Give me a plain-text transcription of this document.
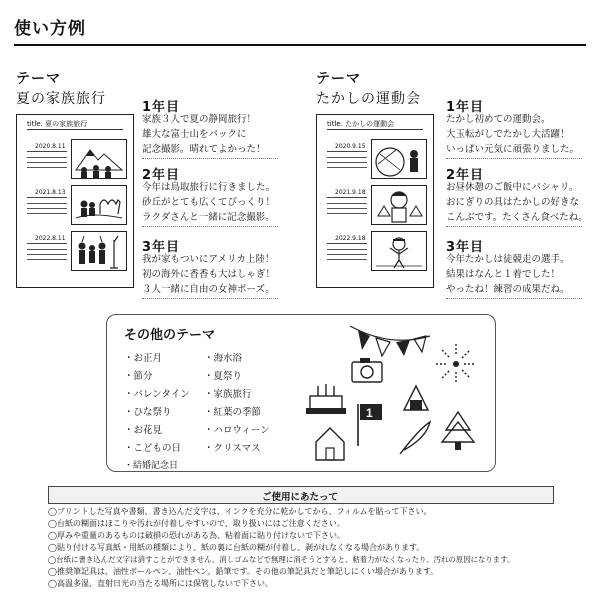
使い方例
テーマ
夏の家族旅行
title. 夏の家族旅行
2020.8.11
2021.8.13
2022.8.11
1年目
家族３人で夏の静岡旅行！
雄大な富士山をバックに
記念撮影。晴れてよかった！
2年目
今年は鳥取旅行に行きました。
砂丘がとても広くてびっくり！
ラクダさんと一緒に記念撮影。
3年目
我が家もついにアメリカ上陸！
初の海外に香香も大はしゃぎ！
３人一緒に自由の女神ポーズ。
テーマ
たかしの運動会
title. たかしの運動会
2020.9.15
2021.9.18
2022.9.18
1年目
たかし初めての運動会。
大玉転がしでたかし大活躍！
いっぱい元気に頑張りました。
2年目
お昼休憩のご飯中にパシャリ。
おにぎりの具はたかしの好きな
こんぶです。たくさん食べたね。
3年目
今年たかしは徒競走の選手。
結果はなんと１着でした！
やったね！練習の成果だね。
その他のテーマ
・お正月
・節分
・バレンタイン
・ひな祭り
・お花見
・こどもの日
・結婚記念日
・海水浴
・夏祭り
・家族旅行
・紅葉の季節
・ハロウィーン
・クリスマス
1
ご使用にあたって
◯プリントした写真や書類、書き込んだ文字は、インクを充分に乾かしてから、フィルムを貼って下さい。
◯台紙の糊面はほこりや汚れが付着しやすいので、取り扱いにはご注意ください。
◯厚みや重量のあるものは破損の恐れがある為、粘着面に貼り付けないで下さい。
◯貼り付ける写真紙・用紙の種類により、紙の裏に台紙の糊が付着し、剥がれなくなる場合があります。
◯台紙に書き込んだ文字は消すことができません。消しゴムなどで無理に消そうとすると、粘着力がなくなったり、汚れの原因になります。
◯推奨筆記具は、油性ボールペン、油性ペン、鉛筆です。その他の筆記具だと筆記しにくい場合があります。
◯高温多湿、直射日光の当たる場所には保管しないで下さい。
